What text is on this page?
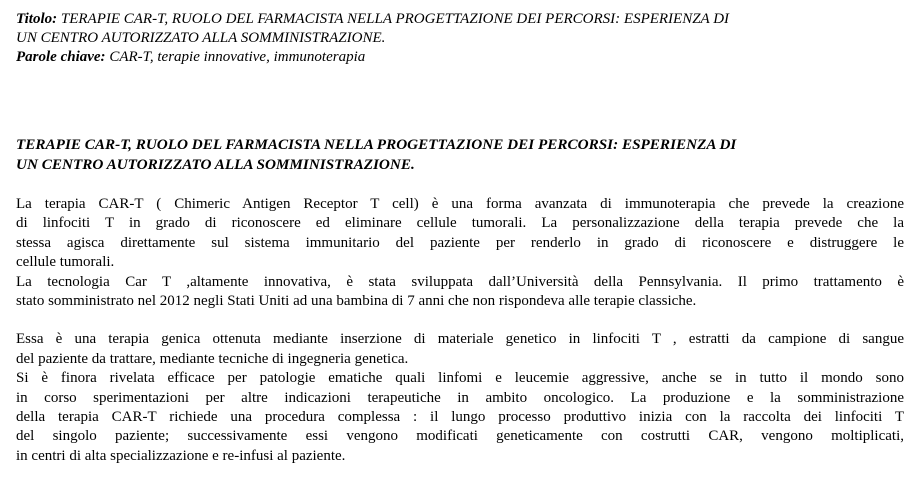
Titolo: TERAPIE CAR-T, RUOLO DEL FARMACISTA NELLA PROGETTAZIONE DEI PERCORSI: ESPERIENZA DI
UN CENTRO AUTORIZZATO ALLA SOMMINISTRAZIONE.

Parole chiave: CAR-T, terapie innovative, immunoterapia

TERAPIE CAR-T, RUOLO DEL FARMACISTA NELLA PROGETTAZIONE DEI PERCORSI: ESPERIENZA DI
UN CENTRO AUTORIZZATO ALLA SOMMINISTRAZIONE.
La terapia CAR-T ( Chimeric Antigen Receptor T cell) è una forma avanzata di immunoterapia che prevede la creazione
di linfociti T in grado di riconoscere ed eliminare cellule tumorali. La personalizzazione della terapia prevede che la
stessa agisca direttamente sul sistema immunitario del paziente per renderlo in grado di riconoscere e distruggere le
cellule tumorali.
La tecnologia Car T ,altamente innovativa, è stata sviluppata dall’Università della Pennsylvania. Il primo trattamento è
stato somministrato nel 2012 negli Stati Uniti ad una bambina di 7 anni che non rispondeva alle terapie classiche.
Essa è una terapia genica ottenuta mediante inserzione di materiale genetico in linfociti T , estratti da campione di sangue
del paziente da trattare, mediante tecniche di ingegneria genetica.
Si è finora rivelata efficace per patologie ematiche quali linfomi e leucemie aggressive, anche se in tutto il mondo sono
in corso sperimentazioni per altre indicazioni terapeutiche in ambito oncologico. La produzione e la somministrazione
della terapia CAR-T richiede una procedura complessa : il lungo processo produttivo inizia con la raccolta dei linfociti T
del singolo paziente; successivamente essi vengono modificati geneticamente con costrutti CAR, vengono moltiplicati,
in centri di alta specializzazione e re-infusi al paziente.
